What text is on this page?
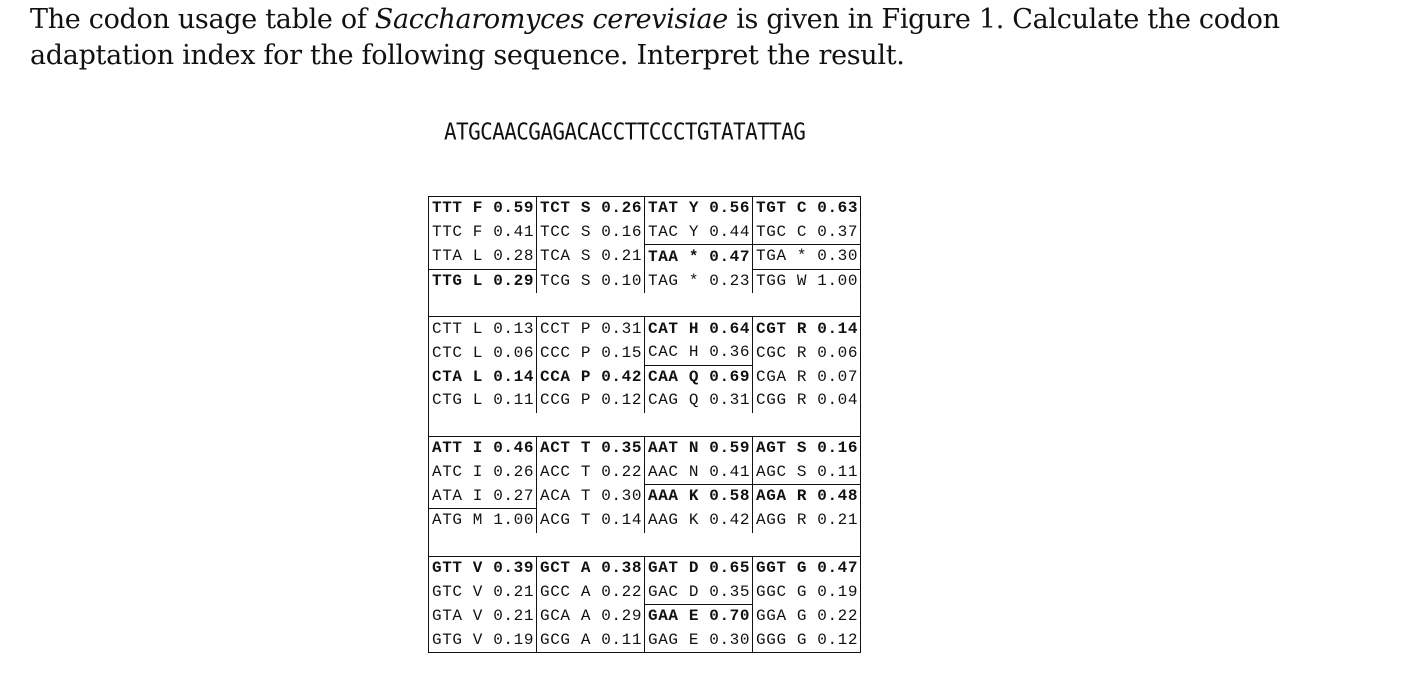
The codon usage table of Saccharomyces cerevisiae is given in Figure 1. Calculate the codon adaptation index for the following sequence. Interpret the result.

ATGCAACGAGACACCTTCCCTGTATATTAG

TTT F 0.59	TCT S 0.26	TAT Y 0.56	TGT C 0.63
TTC F 0.41	TCC S 0.16	TAC Y 0.44	TGC C 0.37
TTA L 0.28	TCA S 0.21	TAA * 0.47	TGA * 0.30
TTG L 0.29	TCG S 0.10	TAG * 0.23	TGG W 1.00

CTT L 0.13	CCT P 0.31	CAT H 0.64	CGT R 0.14
CTC L 0.06	CCC P 0.15	CAC H 0.36	CGC R 0.06
CTA L 0.14	CCA P 0.42	CAA Q 0.69	CGA R 0.07
CTG L 0.11	CCG P 0.12	CAG Q 0.31	CGG R 0.04

ATT I 0.46	ACT T 0.35	AAT N 0.59	AGT S 0.16
ATC I 0.26	ACC T 0.22	AAC N 0.41	AGC S 0.11
ATA I 0.27	ACA T 0.30	AAA K 0.58	AGA R 0.48
ATG M 1.00	ACG T 0.14	AAG K 0.42	AGG R 0.21

GTT V 0.39	GCT A 0.38	GAT D 0.65	GGT G 0.47
GTC V 0.21	GCC A 0.22	GAC D 0.35	GGC G 0.19
GTA V 0.21	GCA A 0.29	GAA E 0.70	GGA G 0.22
GTG V 0.19	GCG A 0.11	GAG E 0.30	GGG G 0.12
